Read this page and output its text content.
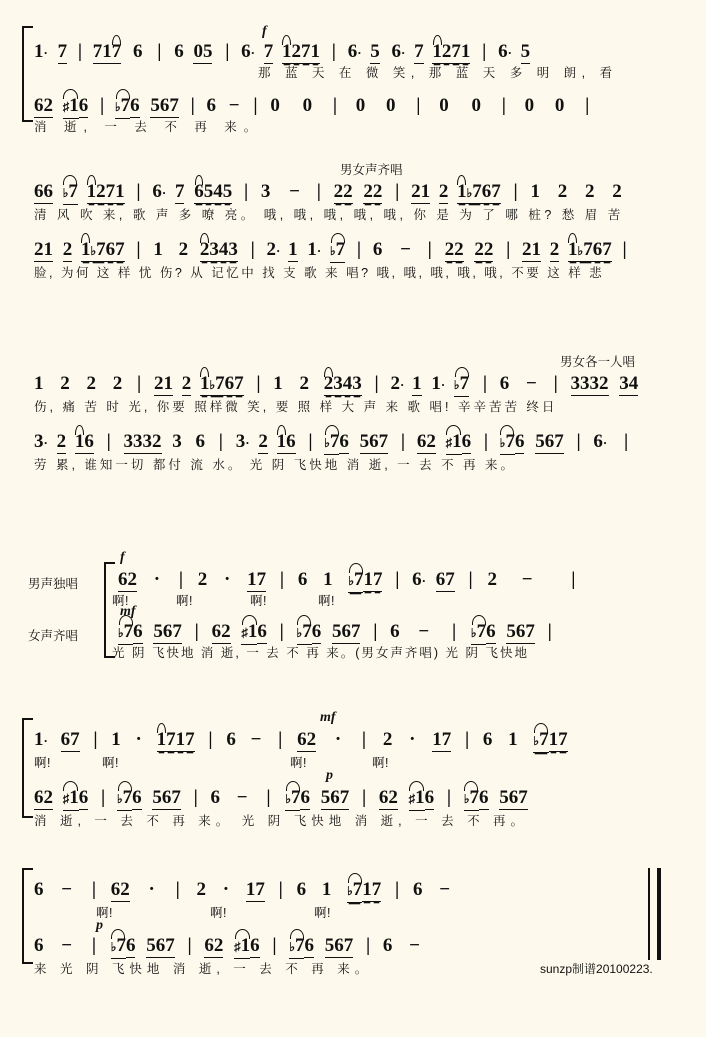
f
1· 7 | 717 6 | 6 05 | 6· 7 1271 | 6· 5 6· 7 1271 | 6· 5
那 蓝 天 在 微 笑, 那 蓝 天 多 明 朗, 看
62 ♯16 | ♭76 567 | 6 − | 0 0 | 0 0 | 0 0 | 0 0 |
消 逝, 一 去 不 再 来。
男女声齐唱
66 ♭7 1271 | 6· 7 6545 | 3 − | 22 22 | 21 2 1♭767 | 1 2 2 2
清 风 吹 来, 歌 声 多 嘹 亮。 哦, 哦, 哦, 哦, 哦, 你 是 为 了 哪 桩? 愁 眉 苦
21 2 1♭767 | 1 2 2343 | 2· 1 1· ♭7 | 6 − | 22 22 | 21 2 1♭767 |
脸, 为何 这 样 忧 伤? 从 记忆中 找 支 歌 来 唱? 哦, 哦, 哦, 哦, 哦, 不要 这 样 悲
男女各一人唱
1 2 2 2 | 21 2 1♭767 | 1 2 2343 | 2· 1 1· ♭7 | 6 − | 3332 34
伤, 痛 苦 时 光, 你要 照样微 笑, 要 照 样 大 声 来 歌 唱! 辛辛苦苦 终日
3· 2 16 | 3332 3 6 | 3· 2 16 | ♭76 567 | 62 ♯16 | ♭76 567 | 6· |
劳 累, 谁知一切 都付 流 水。 光 阴 飞快地 消 逝, 一 去 不 再 来。
男声独唱
女声齐唱
f
mf
62 · | 2 · 17 | 6 1 ♭717 | 6· 67 | 2 − |
啊!	啊!	啊!	啊!
♭76 567 | 62 ♯16 | ♭76 567 | 6 − | ♭76 567 |
光 阴 飞快地 消 逝, 一 去 不 再 来。(男女声齐唱) 光 阴 飞快地
mf
p
1· 67 | 1 · 1717 | 6 − | 62 · | 2 · 17 | 6 1 ♭717
啊!	啊!	啊!	啊!
62 ♯16 | ♭76 567 | 6 − | ♭76 567 | 62 ♯16 | ♭76 567
消 逝, 一 去 不 再 来。 光 阴 飞快地 消 逝, 一 去 不 再。
p
6 − | 62 · | 2 · 17 | 6 1 ♭717 | 6 −
啊!	啊!	啊!
6 − | ♭76 567 | 62 ♯16 | ♭76 567 | 6 −
来 光 阴 飞快地 消 逝, 一 去 不 再 来。	sunzp制谱20100223.
